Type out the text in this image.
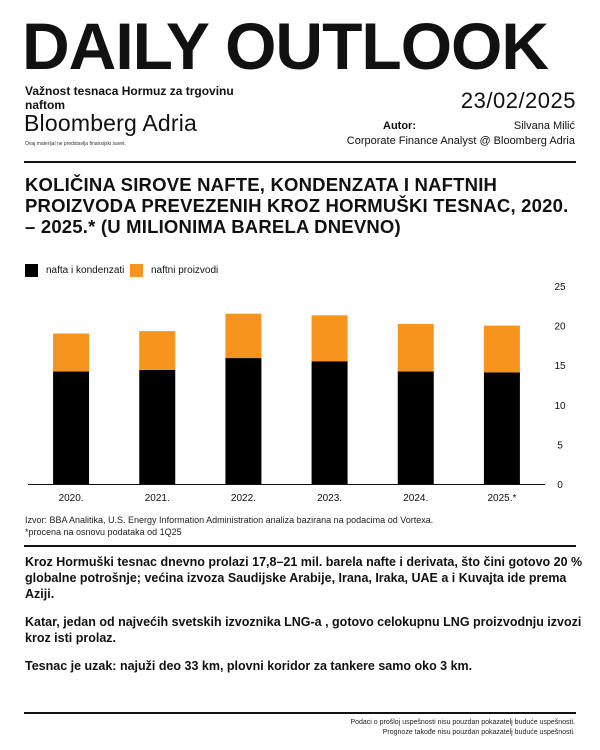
DAILY OUTLOOK
Važnost tesnaca Hormuz za trgovinu naftom	23/02/2025
Bloomberg Adria
Ovaj materijal ne predstavlja finansijski savet.
Autor:	Silvana Milić
Corporate Finance Analyst @ Bloomberg Adria
KOLIČINA SIROVE NAFTE, KONDENZATA I NAFTNIH PROIZVODA PREVEZENIH KROZ HORMUŠKI TESNAC, 2020. – 2025.* (U MILIONIMA BARELA DNEVNO)
nafta i kondenzati	naftni proizvodi
0
5
10
15
20
25
2020.	2021.	2022.	2023.	2024.	2025.*
Izvor: BBA Analitika, U.S. Energy Information Administration analiza bazirana na podacima od Vortexa.
*procena na osnovu podataka od 1Q25
Kroz Hormuški tesnac dnevno prolazi 17,8–21 mil. barela nafte i derivata, što čini gotovo 20 % globalne potrošnje; većina izvoza Saudijske Arabije, Irana, Iraka, UAE a i Kuvajta ide prema Aziji.
Katar, jedan od najvećih svetskih izvoznika LNG-a , gotovo celokupnu LNG proizvodnju izvozi kroz isti prolaz.
Tesnac je uzak: najuži deo 33 km, plovni koridor za tankere samo oko 3 km.
Podaci o prošloj uspešnosti nisu pouzdan pokazatelj buduće uspešnosti.
Prognoze takođe nisu pouzdan pokazatelj buduće uspešnosti.
